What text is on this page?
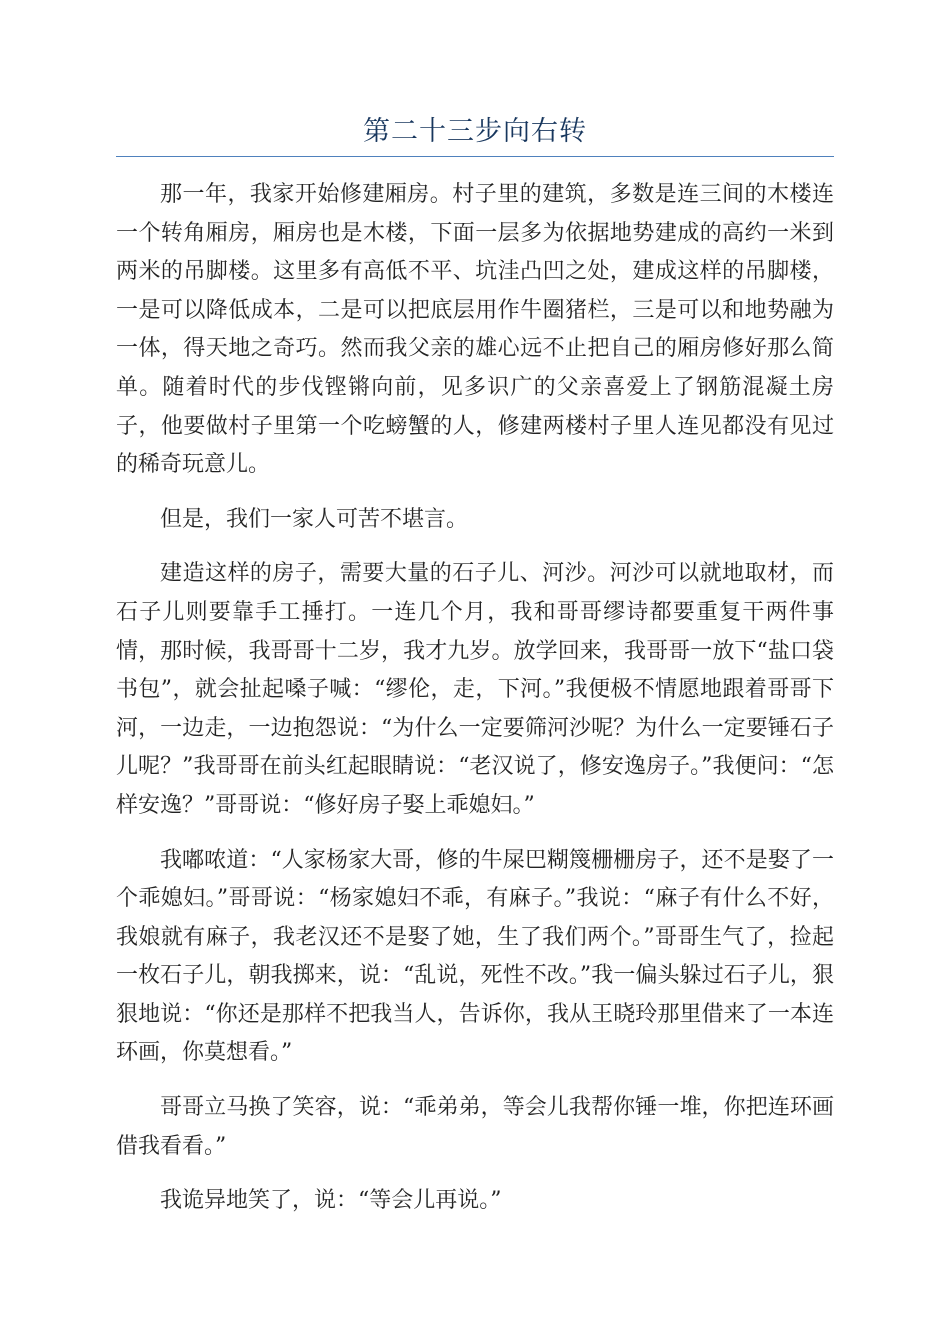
第二十三步向右转

那一年，我家开始修建厢房。村子里的建筑，多数是连三间的木楼连一个转角厢房，厢房也是木楼，下面一层多为依据地势建成的高约一米到两米的吊脚楼。这里多有高低不平、坑洼凸凹之处，建成这样的吊脚楼，一是可以降低成本，二是可以把底层用作牛圈猪栏，三是可以和地势融为一体，得天地之奇巧。然而我父亲的雄心远不止把自己的厢房修好那么简单。随着时代的步伐铿锵向前，见多识广的父亲喜爱上了钢筋混凝土房子，他要做村子里第一个吃螃蟹的人，修建两楼村子里人连见都没有见过的稀奇玩意儿。

但是，我们一家人可苦不堪言。

建造这样的房子，需要大量的石子儿、河沙。河沙可以就地取材，而石子儿则要靠手工捶打。一连几个月，我和哥哥缪诗都要重复干两件事情，那时候，我哥哥十二岁，我才九岁。放学回来，我哥哥一放下“盐口袋书包”，就会扯起嗓子喊：“缪伦，走，下河。”我便极不情愿地跟着哥哥下河，一边走，一边抱怨说：“为什么一定要筛河沙呢？为什么一定要锤石子儿呢？”我哥哥在前头红起眼睛说：“老汉说了，修安逸房子。”我便问：“怎样安逸？”哥哥说：“修好房子娶上乖媳妇。”

我嘟哝道：“人家杨家大哥，修的牛屎巴糊篾栅栅房子，还不是娶了一个乖媳妇。”哥哥说：“杨家媳妇不乖，有麻子。”我说：“麻子有什么不好，我娘就有麻子，我老汉还不是娶了她，生了我们两个。”哥哥生气了，捡起一枚石子儿，朝我掷来，说：“乱说，死性不改。”我一偏头躲过石子儿，狠狠地说：“你还是那样不把我当人，告诉你，我从王晓玲那里借来了一本连环画，你莫想看。”

哥哥立马换了笑容，说：“乖弟弟，等会儿我帮你锤一堆，你把连环画借我看看。”

我诡异地笑了，说：“等会儿再说。”
